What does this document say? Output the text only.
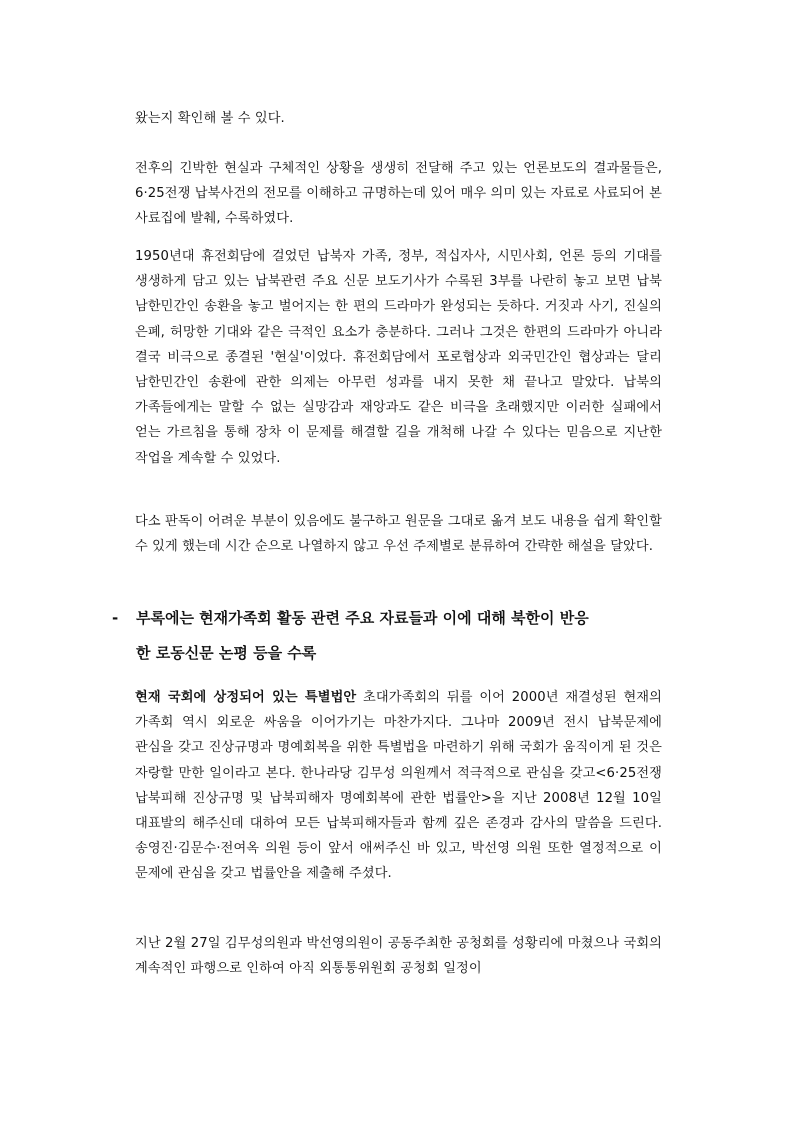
왔는지 확인해 볼 수 있다.

전후의 긴박한 현실과 구체적인 상황을 생생히 전달해 주고 있는 언론보도의 결과물들은, 6·25전쟁 납북사건의 전모를 이해하고 규명하는데 있어 매우 의미 있는 자료로 사료되어 본 사료집에 발췌, 수록하였다.

1950년대 휴전회담에 걸었던 납북자 가족, 정부, 적십자사, 시민사회, 언론 등의 기대를 생생하게 담고 있는 납북관련 주요 신문 보도기사가 수록된 3부를 나란히 놓고 보면 납북 남한민간인 송환을 놓고 벌어지는 한 편의 드라마가 완성되는 듯하다. 거짓과 사기, 진실의 은폐, 허망한 기대와 같은 극적인 요소가 충분하다. 그러나 그것은 한편의 드라마가 아니라 결국 비극으로 종결된 '현실'이었다. 휴전회담에서 포로협상과 외국민간인 협상과는 달리 남한민간인 송환에 관한 의제는 아무런 성과를 내지 못한 채 끝나고 말았다. 납북의 가족들에게는 말할 수 없는 실망감과 재앙과도 같은 비극을 초래했지만 이러한 실패에서 얻는 가르침을 통해 장차 이 문제를 해결할 길을 개척해 나갈 수 있다는 믿음으로 지난한 작업을 계속할 수 있었다.

다소 판독이 어려운 부분이 있음에도 불구하고 원문을 그대로 옮겨 보도 내용을 쉽게 확인할 수 있게 했는데 시간 순으로 나열하지 않고 우선 주제별로 분류하여 간략한 해설을 달았다.

- 부록에는 현재가족회 활동 관련 주요 자료들과 이에 대해 북한이 반응
한 로동신문 논평 등을 수록

현재 국회에 상정되어 있는 특별법안 초대가족회의 뒤를 이어 2000년 재결성된 현재의 가족회 역시 외로운 싸움을 이어가기는 마찬가지다. 그나마 2009년 전시 납북문제에 관심을 갖고 진상규명과 명예회복을 위한 특별법을 마련하기 위해 국회가 움직이게 된 것은 자랑할 만한 일이라고 본다. 한나라당 김무성 의원께서 적극적으로 관심을 갖고<6·25전쟁 납북피해 진상규명 및 납북피해자 명예회복에 관한 법률안>을 지난 2008년 12월 10일 대표발의 해주신데 대하여 모든 납북피해자들과 함께 깊은 존경과 감사의 말씀을 드린다. 송영진·김문수·전여옥 의원 등이 앞서 애써주신 바 있고, 박선영 의원 또한 열정적으로 이 문제에 관심을 갖고 법률안을 제출해 주셨다.

지난 2월 27일 김무성의원과 박선영의원이 공동주최한 공청회를 성황리에 마쳤으나 국회의 계속적인 파행으로 인하여 아직 외통통위원회 공청회 일정이
